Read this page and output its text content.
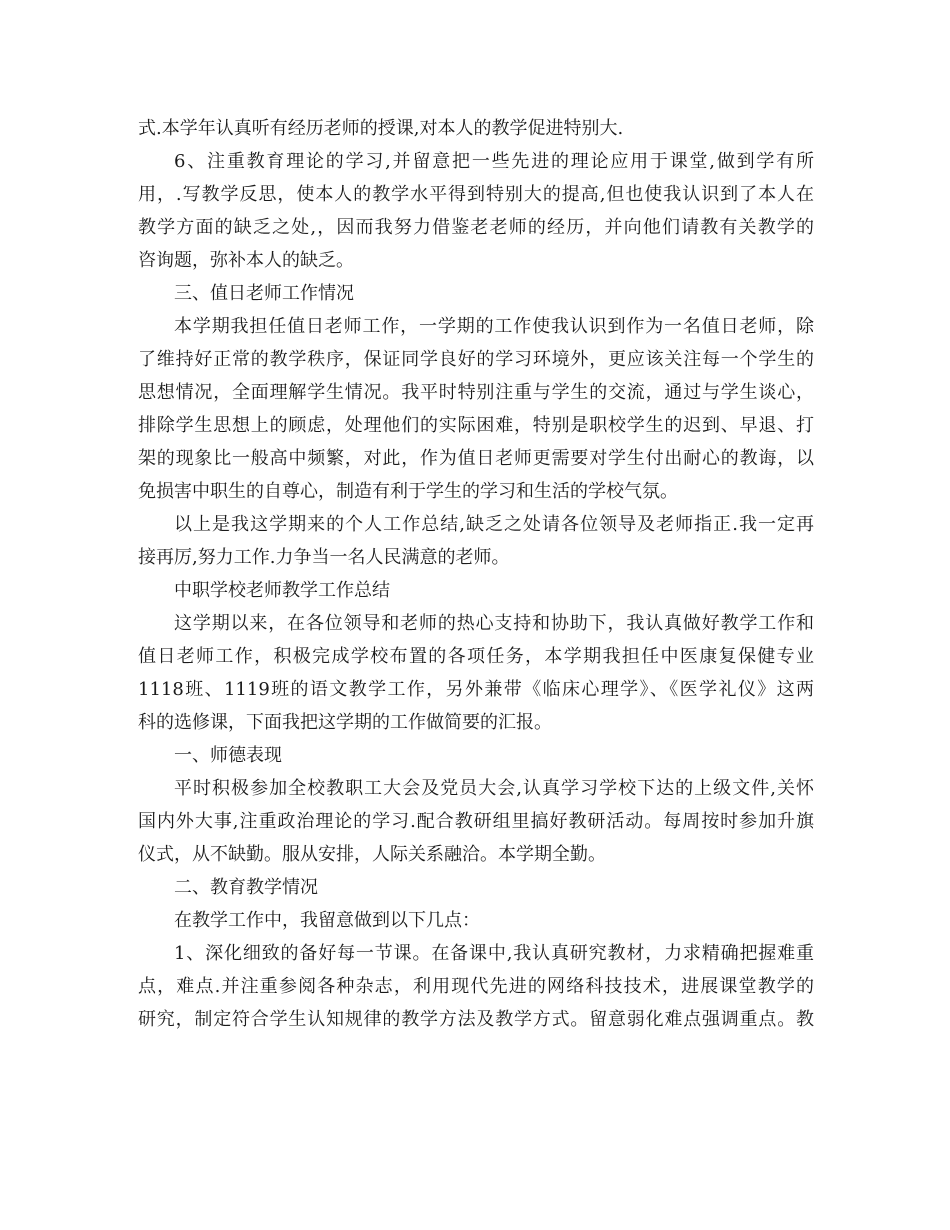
式.本学年认真听有经历老师的授课,对本人的教学促进特别大.
6、注重教育理论的学习,并留意把一些先进的理论应用于课堂,做到学有所
用，.写教学反思，使本人的教学水平得到特别大的提高,但也使我认识到了本人在
教学方面的缺乏之处,，因而我努力借鉴老老师的经历，并向他们请教有关教学的
咨询题，弥补本人的缺乏。
三、值日老师工作情况
本学期我担任值日老师工作，一学期的工作使我认识到作为一名值日老师，除
了维持好正常的教学秩序，保证同学良好的学习环境外，更应该关注每一个学生的
思想情况，全面理解学生情况。我平时特别注重与学生的交流，通过与学生谈心，
排除学生思想上的顾虑，处理他们的实际困难，特别是职校学生的迟到、早退、打
架的现象比一般高中频繁，对此，作为值日老师更需要对学生付出耐心的教诲，以
免损害中职生的自尊心，制造有利于学生的学习和生活的学校气氛。
以上是我这学期来的个人工作总结,缺乏之处请各位领导及老师指正.我一定再
接再厉,努力工作.力争当一名人民满意的老师。
中职学校老师教学工作总结
这学期以来，在各位领导和老师的热心支持和协助下，我认真做好教学工作和
值日老师工作，积极完成学校布置的各项任务，本学期我担任中医康复保健专业
1118班、1119班的语文教学工作，另外兼带《临床心理学》、《医学礼仪》这两
科的选修课，下面我把这学期的工作做简要的汇报。
一、师德表现
平时积极参加全校教职工大会及党员大会,认真学习学校下达的上级文件,关怀
国内外大事,注重政治理论的学习.配合教研组里搞好教研活动。每周按时参加升旗
仪式，从不缺勤。服从安排，人际关系融洽。本学期全勤。
二、教育教学情况
在教学工作中，我留意做到以下几点：
1、深化细致的备好每一节课。在备课中,我认真研究教材，力求精确把握难重
点，难点.并注重参阅各种杂志，利用现代先进的网络科技技术，进展课堂教学的
研究，制定符合学生认知规律的教学方法及教学方式。留意弱化难点强调重点。教
